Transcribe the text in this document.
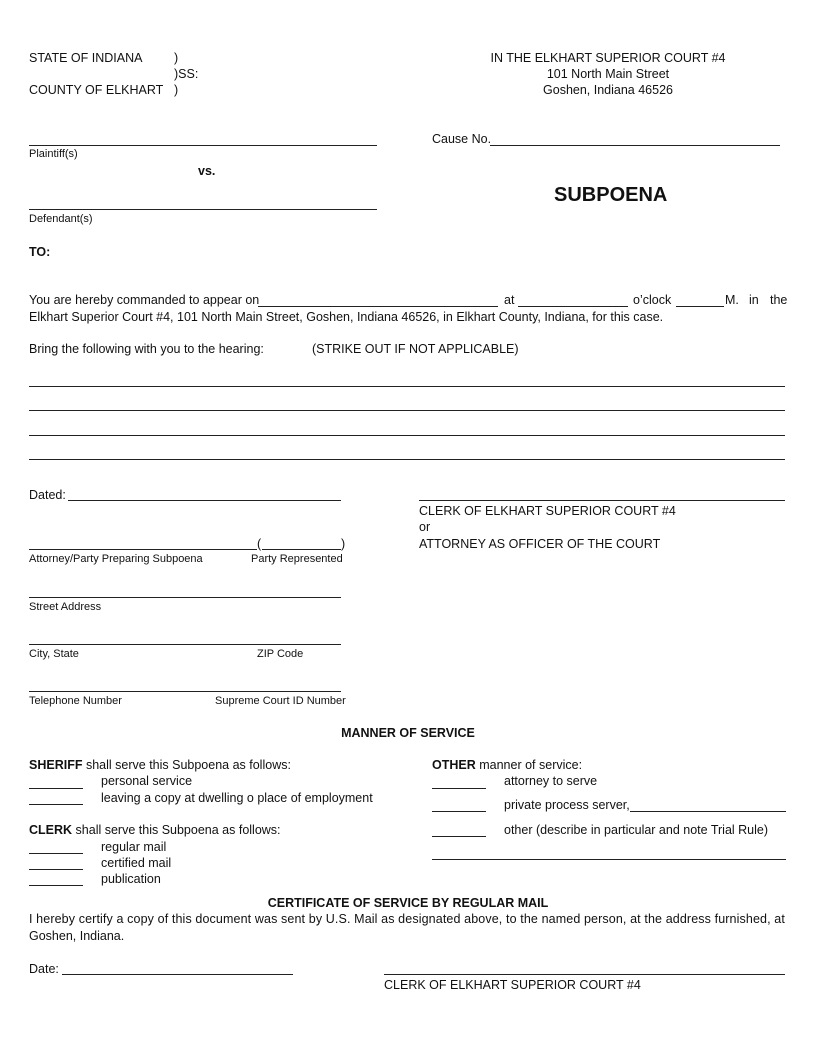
STATE OF INDIANA	)
)SS:
COUNTY OF ELKHART )
IN THE ELKHART SUPERIOR COURT #4
101 North Main Street
Goshen, Indiana 46526
Plaintiff(s)
Cause No.
vs.
SUBPOENA
Defendant(s)
TO:
You are hereby commanded to appear on	at	o’clock	M. in the
Elkhart Superior Court #4, 101 North Main Street, Goshen, Indiana 46526, in Elkhart County, Indiana, for this case.
Bring the following with you to the hearing:	(STRIKE OUT IF NOT APPLICABLE)
Dated:
CLERK OF ELKHART SUPERIOR COURT #4
or
ATTORNEY AS OFFICER OF THE COURT
(	)
Attorney/Party Preparing Subpoena	Party Represented
Street Address
City, State	ZIP Code
Telephone Number	Supreme Court ID Number
MANNER OF SERVICE
SHERIFF shall serve this Subpoena as follows:
personal service
leaving a copy at dwelling o place of employment
CLERK shall serve this Subpoena as follows:
regular mail
certified mail
publication
OTHER manner of service:
attorney to serve
private process server,
other (describe in particular and note Trial Rule)
CERTIFICATE OF SERVICE BY REGULAR MAIL
I hereby certify a copy of this document was sent by U.S. Mail as designated above, to the named person, at the address furnished, at
Goshen, Indiana.
Date:
CLERK OF ELKHART SUPERIOR COURT #4
